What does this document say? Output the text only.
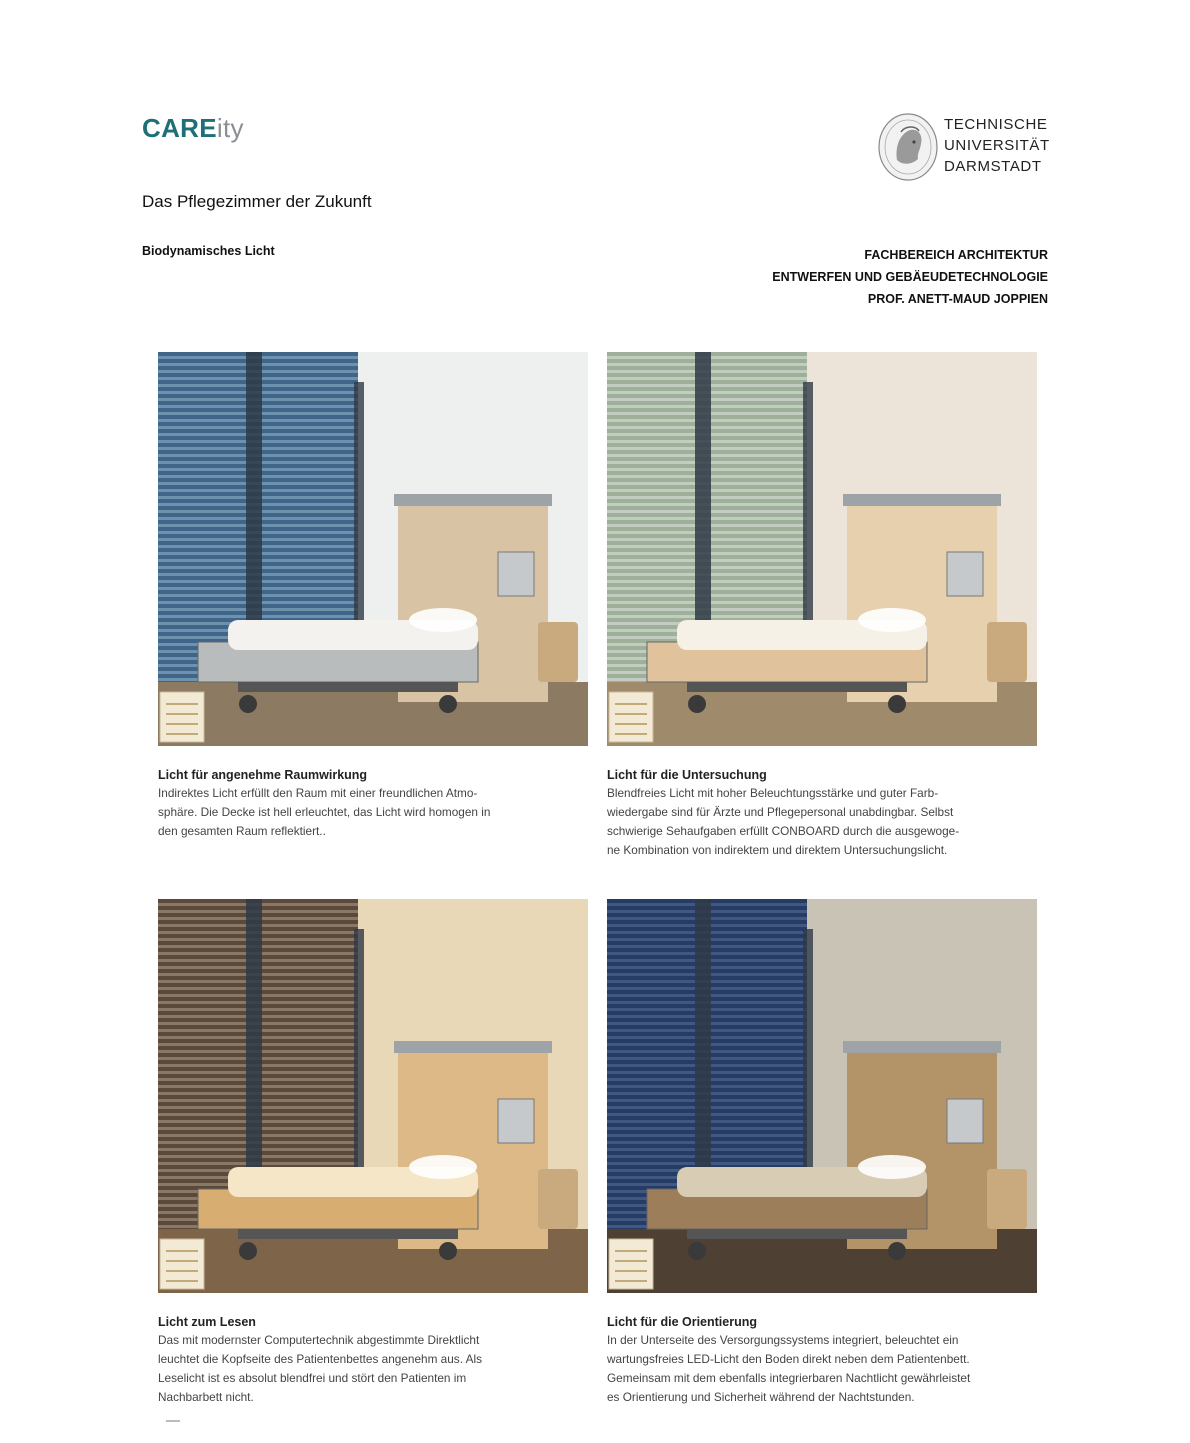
CAREity	TECHNISCHE
UNIVERSITÄT
DARMSTADT
Das Pflegezimmer der Zukunft
Biodynamisches Licht	FACHBEREICH ARCHITEKTUR
ENTWERFEN UND GEBÄEUDETECHNOLOGIE
PROF. ANETT-MAUD JOPPIEN
Licht für angenehme Raumwirkung
Indirektes Licht erfüllt den Raum mit einer freundlichen Atmo-
sphäre. Die Decke ist hell erleuchtet, das Licht wird homogen in
den gesamten Raum reflektiert..
Licht für die Untersuchung
Blendfreies Licht mit hoher Beleuchtungsstärke und guter Farb-
wiedergabe sind für Ärzte und Pflegepersonal unabdingbar. Selbst
schwierige Sehaufgaben erfüllt CONBOARD durch die ausgewoge-
ne Kombination von indirektem und direktem Untersuchungslicht.
Licht zum Lesen
Das mit modernster Computertechnik abgestimmte Direktlicht
leuchtet die Kopfseite des Patientenbettes angenehm aus. Als
Leselicht ist es absolut blendfrei und stört den Patienten im
Nachbarbett nicht.
Licht für die Orientierung
In der Unterseite des Versorgungssystems integriert, beleuchtet ein
wartungsfreies LED-Licht den Boden direkt neben dem Patientenbett.
Gemeinsam mit dem ebenfalls integrierbaren Nachtlicht gewährleistet
es Orientierung und Sicherheit während der Nachtstunden.
